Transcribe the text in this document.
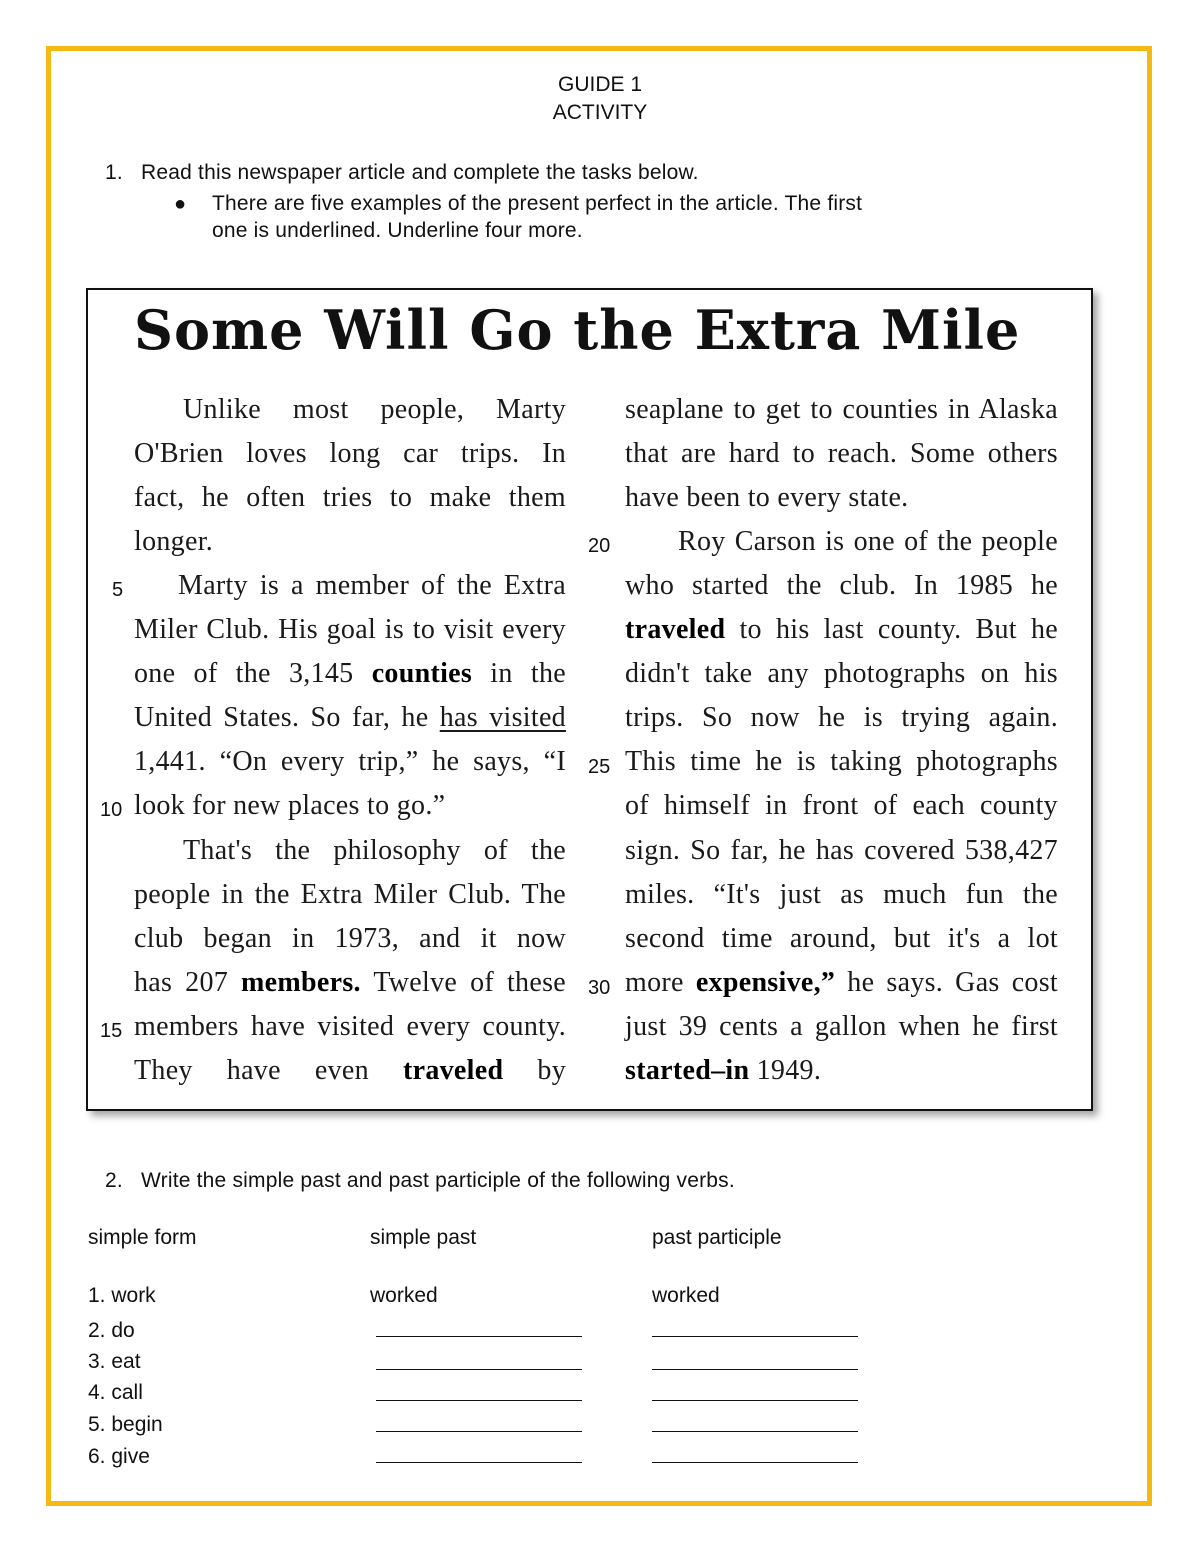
GUIDE 1
ACTIVITY
1. Read this newspaper article and complete the tasks below.
● There are five examples of the present perfect in the article. The first
one is underlined. Underline four more.
Some Will Go the Extra Mile
5
10
15
20
25
30
Unlike most people, Marty
O'Brien loves long car trips. In
fact, he often tries to make them
longer.
Marty is a member of the Extra
Miler Club. His goal is to visit every
one of the 3,145 counties in the
United States. So far, he has visited
1,441. “On every trip,” he says, “I
look for new places to go.”
That's the philosophy of the
people in the Extra Miler Club. The
club began in 1973, and it now
has 207 members. Twelve of these
members have visited every county.
They have even traveled by
seaplane to get to counties in Alaska
that are hard to reach. Some others
have been to every state.
Roy Carson is one of the people
who started the club. In 1985 he
traveled to his last county. But he
didn't take any photographs on his
trips. So now he is trying again.
This time he is taking photographs
of himself in front of each county
sign. So far, he has covered 538,427
miles. “It's just as much fun the
second time around, but it's a lot
more expensive,” he says. Gas cost
just 39 cents a gallon when he first
started–in 1949.
2. Write the simple past and past participle of the following verbs.
simple form	simple past	past participle
1. work	worked	worked
2. do
3. eat
4. call
5. begin
6. give
